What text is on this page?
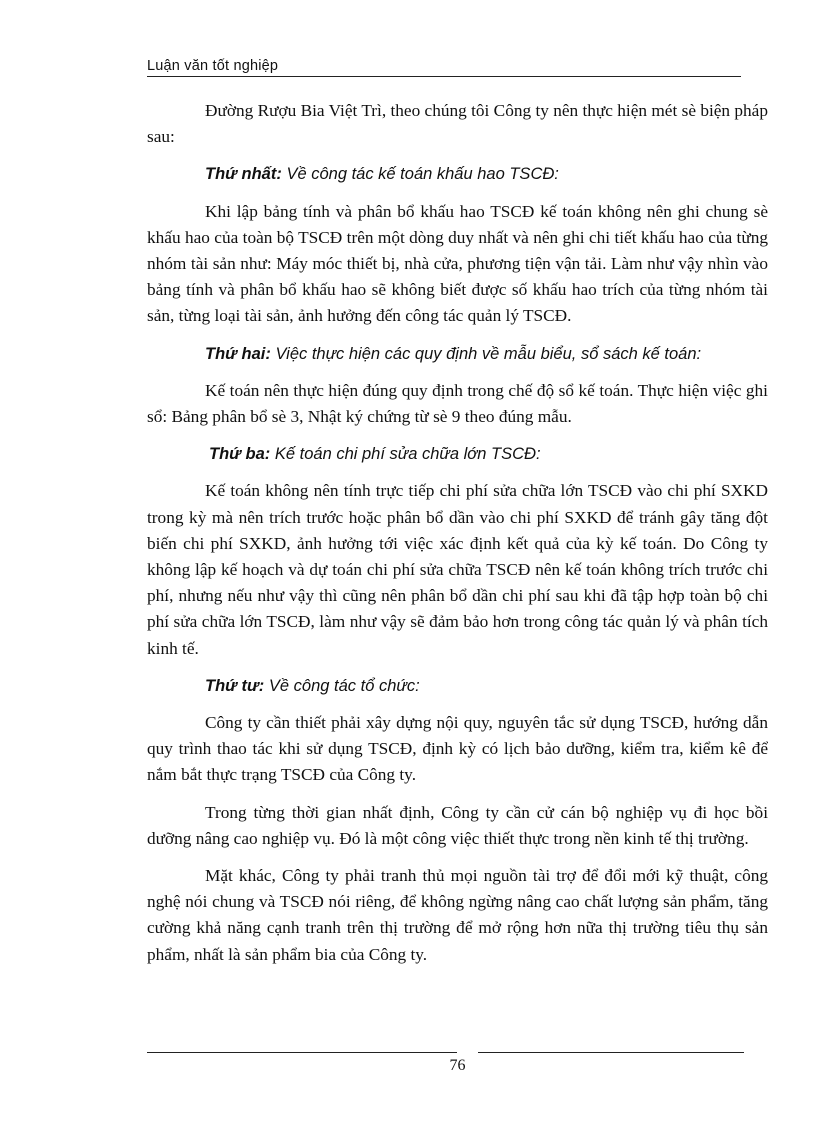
Luận văn tốt nghiệp

Đường Rượu Bia Việt Trì, theo chúng tôi Công ty nên thực hiện mét sè biện pháp sau:

Thứ nhất: Về công tác kế toán khấu hao TSCĐ:

Khi lập bảng tính và phân bổ khấu hao TSCĐ kế toán không nên ghi chung sè khấu hao của toàn bộ TSCĐ trên một dòng duy nhất và nên ghi chi tiết khấu hao của từng nhóm tài sản như: Máy móc thiết bị, nhà cửa, phương tiện vận tải. Làm như vậy nhìn vào bảng tính và phân bổ khấu hao sẽ không biết được số khấu hao trích của từng nhóm tài sản, từng loại tài sản, ảnh hưởng đến công tác quản lý TSCĐ.

Thứ hai: Việc thực hiện các quy định về mẫu biểu, sổ sách kế toán:

Kế toán nên thực hiện đúng quy định trong chế độ sổ kế toán. Thực hiện việc ghi sổ: Bảng phân bổ sè 3, Nhật ký chứng từ sè 9 theo đúng mẫu.

Thứ ba: Kế toán chi phí sửa chữa lớn TSCĐ:

Kế toán không nên tính trực tiếp chi phí sửa chữa lớn TSCĐ vào chi phí SXKD trong kỳ mà nên trích trước hoặc phân bổ dần vào chi phí SXKD để tránh gây tăng đột biến chi phí SXKD, ảnh hưởng tới việc xác định kết quả của kỳ kế toán. Do Công ty không lập kế hoạch và dự toán chi phí sửa chữa TSCĐ nên kế toán không trích trước chi phí, nhưng nếu như vậy thì cũng nên phân bổ dần chi phí sau khi đã tập hợp toàn bộ chi phí sửa chữa lớn TSCĐ, làm như vậy sẽ đảm bảo hơn trong công tác quản lý và phân tích kinh tế.

Thứ tư: Về công tác tổ chức:

Công ty cần thiết phải xây dựng nội quy, nguyên tắc sử dụng TSCĐ, hướng dẫn quy trình thao tác khi sử dụng TSCĐ, định kỳ có lịch bảo dưỡng, kiểm tra, kiểm kê để nắm bắt thực trạng TSCĐ của Công ty.

Trong từng thời gian nhất định, Công ty cần cử cán bộ nghiệp vụ đi học bồi dưỡng nâng cao nghiệp vụ. Đó là một công việc thiết thực trong nền kinh tế thị trường.

Mặt khác, Công ty phải tranh thủ mọi nguồn tài trợ để đổi mới kỹ thuật, công nghệ nói chung và TSCĐ nói riêng, để không ngừng nâng cao chất lượng sản phẩm, tăng cường khả năng cạnh tranh trên thị trường để mở rộng hơn nữa thị trường tiêu thụ sản phẩm, nhất là sản phẩm bia của Công ty.

76
